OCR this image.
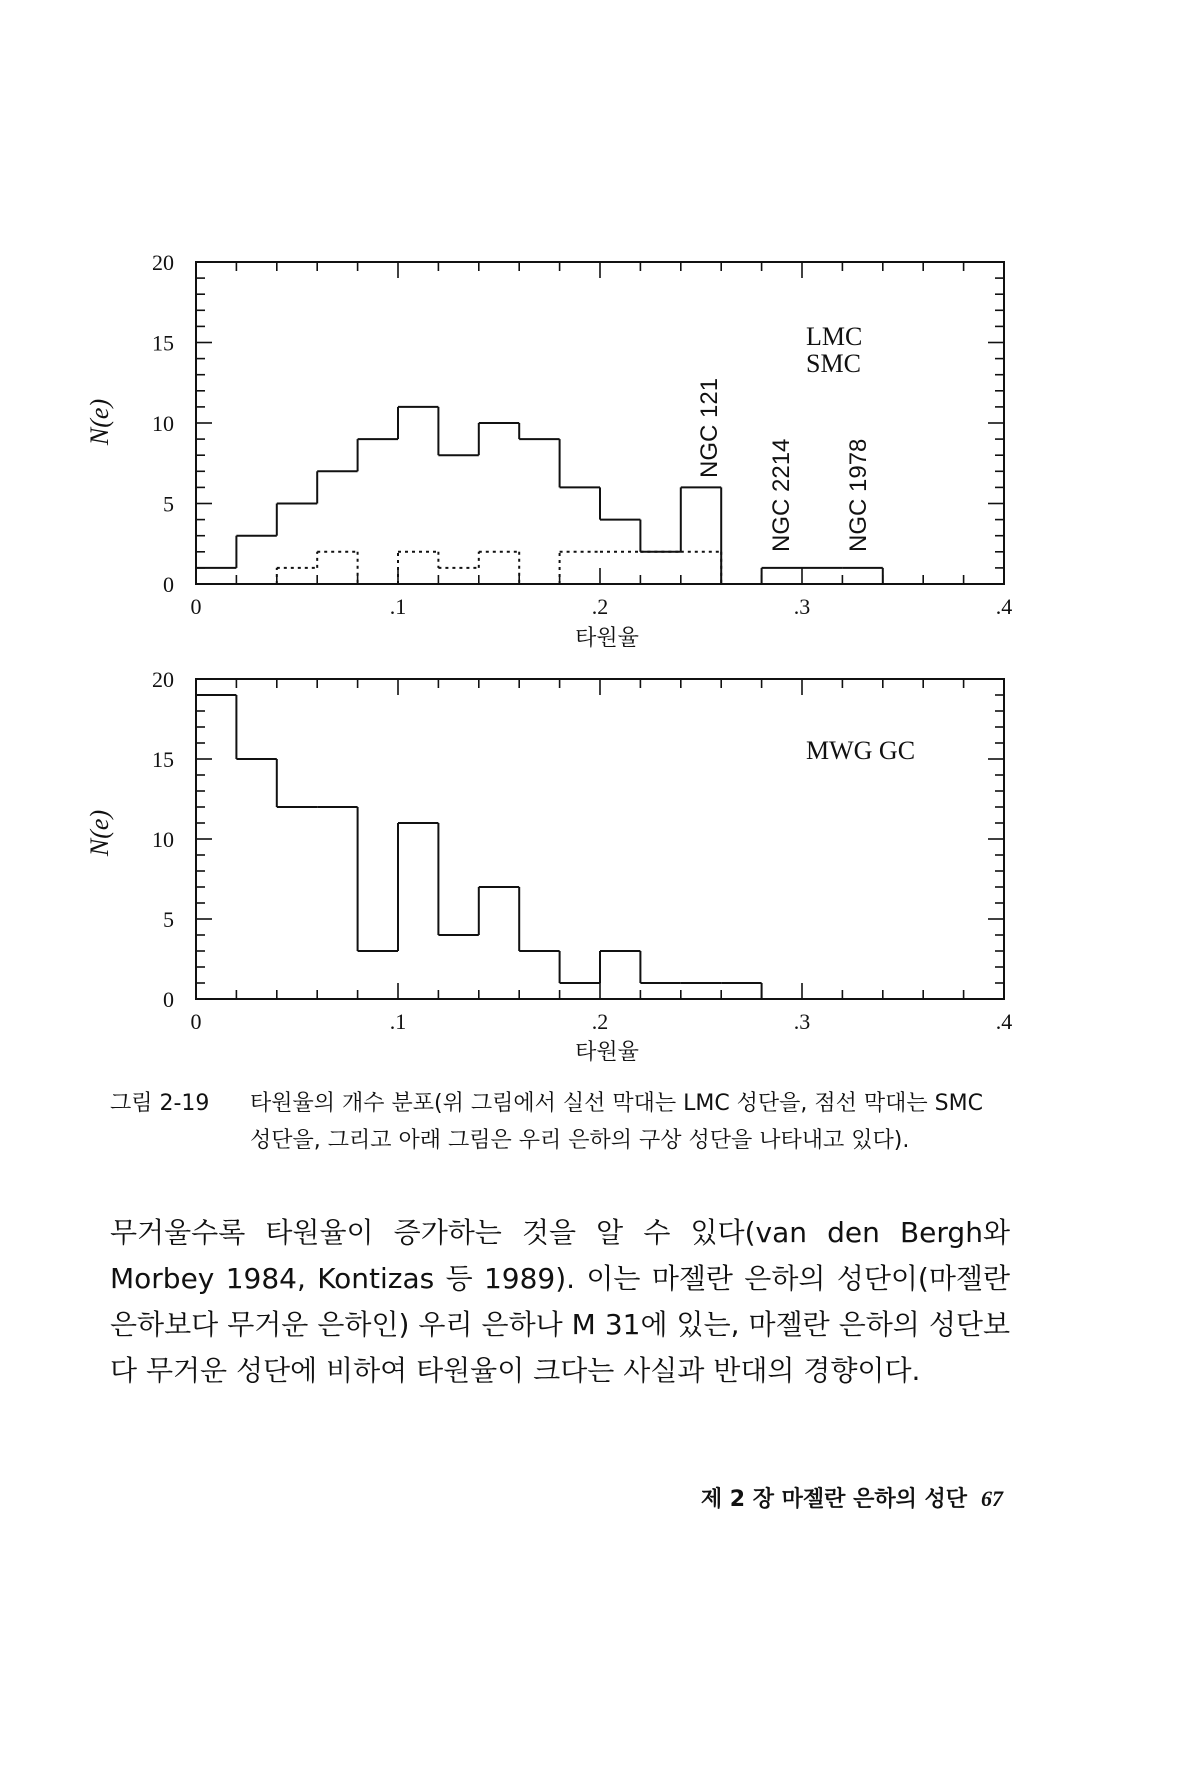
N(e)
타원율
LMC
SMC
NGC 121
NGC 2214 NGC 1978
0	.1	.2	.3	.4
0
5
10
15
20
N(e)
타원율
MWG GC
0	.1	.2	.3	.4
0
5
10
15
20
그림 2-19	타원율의 개수 분포(위 그림에서 실선 막대는 LMC 성단을, 점선 막대는 SMC 성단을, 그리고 아래 그림은 우리 은하의 구상 성단을 나타내고 있다).
무거울수록 타원율이 증가하는 것을 알 수 있다(van den Bergh와 Morbey 1984, Kontizas 등 1989). 이는 마젤란 은하의 성단이(마젤란 은하보다 무거운 은하인) 우리 은하나 M 31에 있는, 마젤란 은하의 성단보다 무거운 성단에 비하여 타원율이 크다는 사실과 반대의 경향이다.
제 2 장 마젤란 은하의 성단 67
